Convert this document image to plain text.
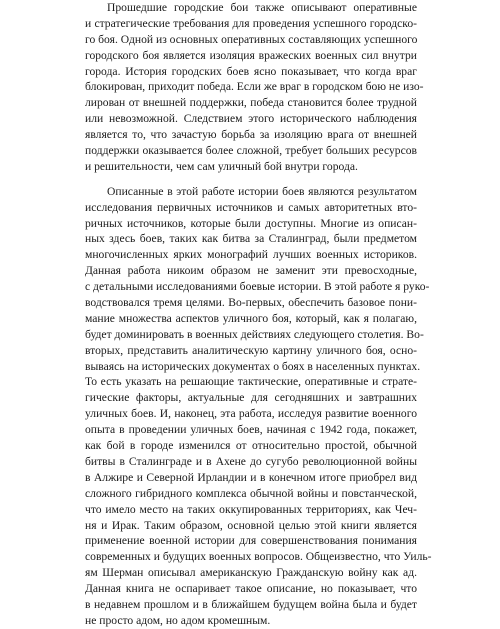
Прошедшие городские бои также описывают оперативные
и стратегические требования для проведения успешного городско-
го боя. Одной из основных оперативных составляющих успешного
городского боя является изоляция вражеских военных сил внутри
города. История городских боев ясно показывает, что когда враг
блокирован, приходит победа. Если же враг в городском бою не изо-
лирован от внешней поддержки, победа становится более трудной
или невозможной. Следствием этого исторического наблюдения
является то, что зачастую борьба за изоляцию врага от внешней
поддержки оказывается более сложной, требует больших ресурсов
и решительности, чем сам уличный бой внутри города.
Описанные в этой работе истории боев являются результатом
исследования первичных источников и самых авторитетных вто-
ричных источников, которые были доступны. Многие из описан-
ных здесь боев, таких как битва за Сталинград, были предметом
многочисленных ярких монографий лучших военных историков.
Данная работа никоим образом не заменит эти превосходные,
с детальными исследованиями боевые истории. В этой работе я руко-
водствовался тремя целями. Во-первых, обеспечить базовое пони-
мание множества аспектов уличного боя, который, как я полагаю,
будет доминировать в военных действиях следующего столетия. Во-
вторых, представить аналитическую картину уличного боя, осно-
вываясь на исторических документах о боях в населенных пунктах.
То есть указать на решающие тактические, оперативные и страте-
гические факторы, актуальные для сегодняшних и завтрашних
уличных боев. И, наконец, эта работа, исследуя развитие военного
опыта в проведении уличных боев, начиная с 1942 года, покажет,
как бой в городе изменился от относительно простой, обычной
битвы в Сталинграде и в Ахене до сугубо революционной войны
в Алжире и Северной Ирландии и в конечном итоге приобрел вид
сложного гибридного комплекса обычной войны и повстанческой,
что имело место на таких оккупированных территориях, как Чеч-
ня и Ирак. Таким образом, основной целью этой книги является
применение военной истории для совершенствования понимания
современных и будущих военных вопросов. Общеизвестно, что Уиль-
ям Шерман описывал американскую Гражданскую войну как ад.
Данная книга не оспаривает такое описание, но показывает, что
в недавнем прошлом и в ближайшем будущем война была и будет
не просто адом, но адом кромешным.
